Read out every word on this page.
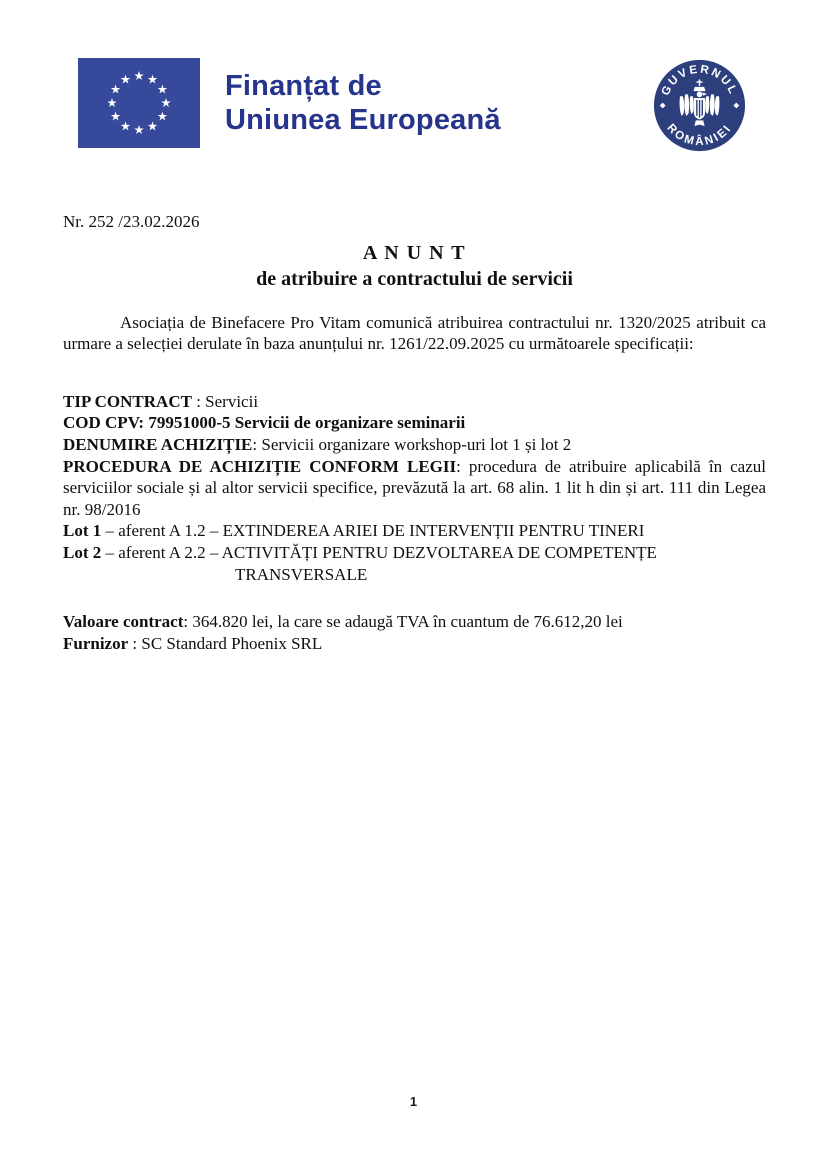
Finanțat de
Uniunea Europeană
GUVERNUL
ROMÂNIEI
Nr. 252 /23.02.2026
A N U N T
de atribuire a contractului de servicii

Asociația de Binefacere Pro Vitam comunică atribuirea contractului nr. 1320/2025 atribuit ca urmare a selecției derulate în baza anunțului nr. 1261/22.09.2025 cu următoarele specificații:

TIP CONTRACT : Servicii
COD CPV: 79951000-5 Servicii de organizare seminarii
DENUMIRE ACHIZIȚIE: Servicii organizare workshop-uri lot 1 și lot 2
PROCEDURA DE ACHIZIȚIE CONFORM LEGII: procedura de atribuire aplicabilă în cazul serviciilor sociale și al altor servicii specifice, prevăzută la art. 68 alin. 1 lit h din și art. 111 din Legea nr. 98/2016
Lot 1 – aferent A 1.2 – EXTINDEREA ARIEI DE INTERVENȚII PENTRU TINERI
Lot 2 – aferent A 2.2 – ACTIVITĂȚI PENTRU DEZVOLTAREA DE COMPETENȚE
TRANSVERSALE
Valoare contract: 364.820 lei, la care se adaugă TVA în cuantum de 76.612,20 lei
Furnizor : SC Standard Phoenix SRL
1
